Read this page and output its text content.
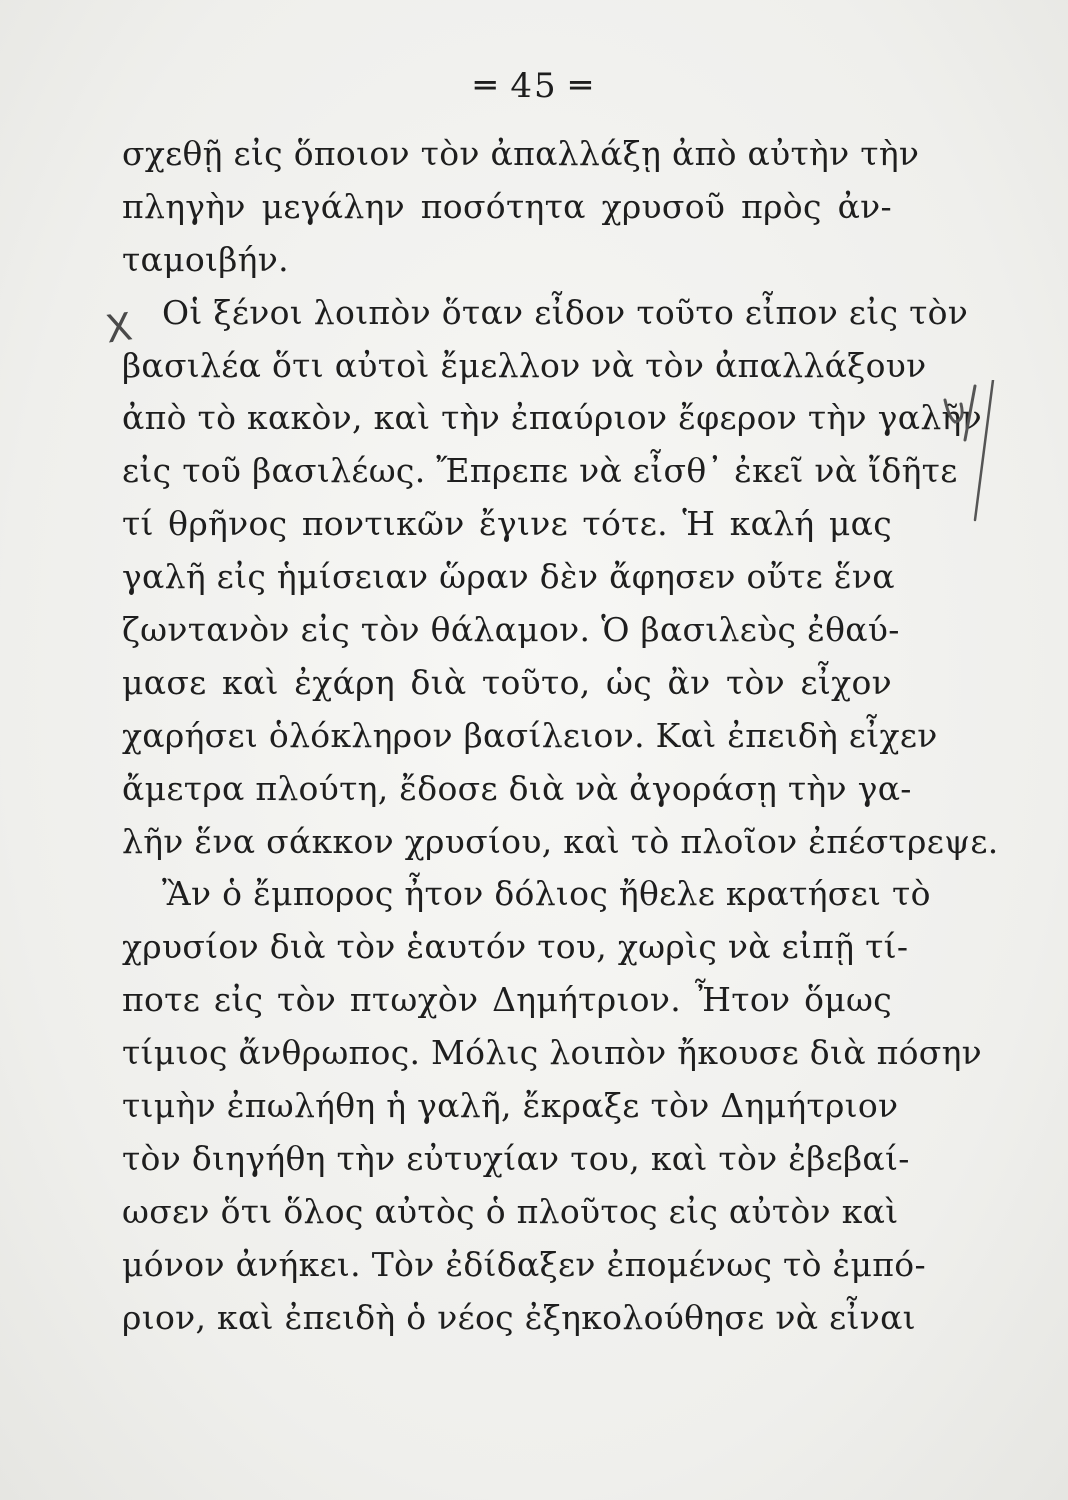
═ 45 ═
σχεθῇ εἰς ὅποιον τὸν ἀπαλλάξῃ ἀπὸ αὐτὴν τὴν
πληγὴν μεγάλην ποσότητα χρυσοῦ πρὸς ἀν-
ταμοιβήν.
Οἱ ξένοι λοιπὸν ὅταν εἶδον τοῦτο εἶπον εἰς τὸν
βασιλέα ὅτι αὐτοὶ ἔμελλον νὰ τὸν ἀπαλλάξουν
ἀπὸ τὸ κακὸν, καὶ τὴν ἐπαύριον ἔφερον τὴν γαλῆν
εἰς τοῦ βασιλέως. Ἔπρεπε νὰ εἶσθ᾽ ἐκεῖ νὰ ἴδῆτε
τί θρῆνος ποντικῶν ἔγινε τότε. Ἡ καλή μας
γαλῆ εἰς ἡμίσειαν ὥραν δὲν ἄφησεν οὔτε ἕνα
ζωντανὸν εἰς τὸν θάλαμον. Ὁ βασιλεὺς ἐθαύ-
μασε καὶ ἐχάρη διὰ τοῦτο, ὡς ἂν τὸν εἶχον
χαρήσει ὁλόκληρον βασίλειον. Καὶ ἐπειδὴ εἶχεν
ἄμετρα πλούτη, ἔδοσε διὰ νὰ ἀγοράσῃ τὴν γα-
λῆν ἕνα σάκκον χρυσίου, καὶ τὸ πλοῖον ἐπέστρεψε.
Ἂν ὁ ἔμπορος ἦτον δόλιος ἤθελε κρατήσει τὸ
χρυσίον διὰ τὸν ἑαυτόν του, χωρὶς νὰ εἰπῇ τί-
ποτε εἰς τὸν πτωχὸν Δημήτριον. Ἦτον ὅμως
τίμιος ἄνθρωπος. Μόλις λοιπὸν ἤκουσε διὰ πόσην
τιμὴν ἐπωλήθη ἡ γαλῆ, ἔκραξε τὸν Δημήτριον
τὸν διηγήθη τὴν εὐτυχίαν του, καὶ τὸν ἐβεβαί-
ωσεν ὅτι ὅλος αὐτὸς ὁ πλοῦτος εἰς αὐτὸν καὶ
μόνον ἀνήκει. Τὸν ἐδίδαξεν ἐπομένως τὸ ἐμπό-
ριον, καὶ ἐπειδὴ ὁ νέος ἐξηκολούθησε νὰ εἶναι
X
